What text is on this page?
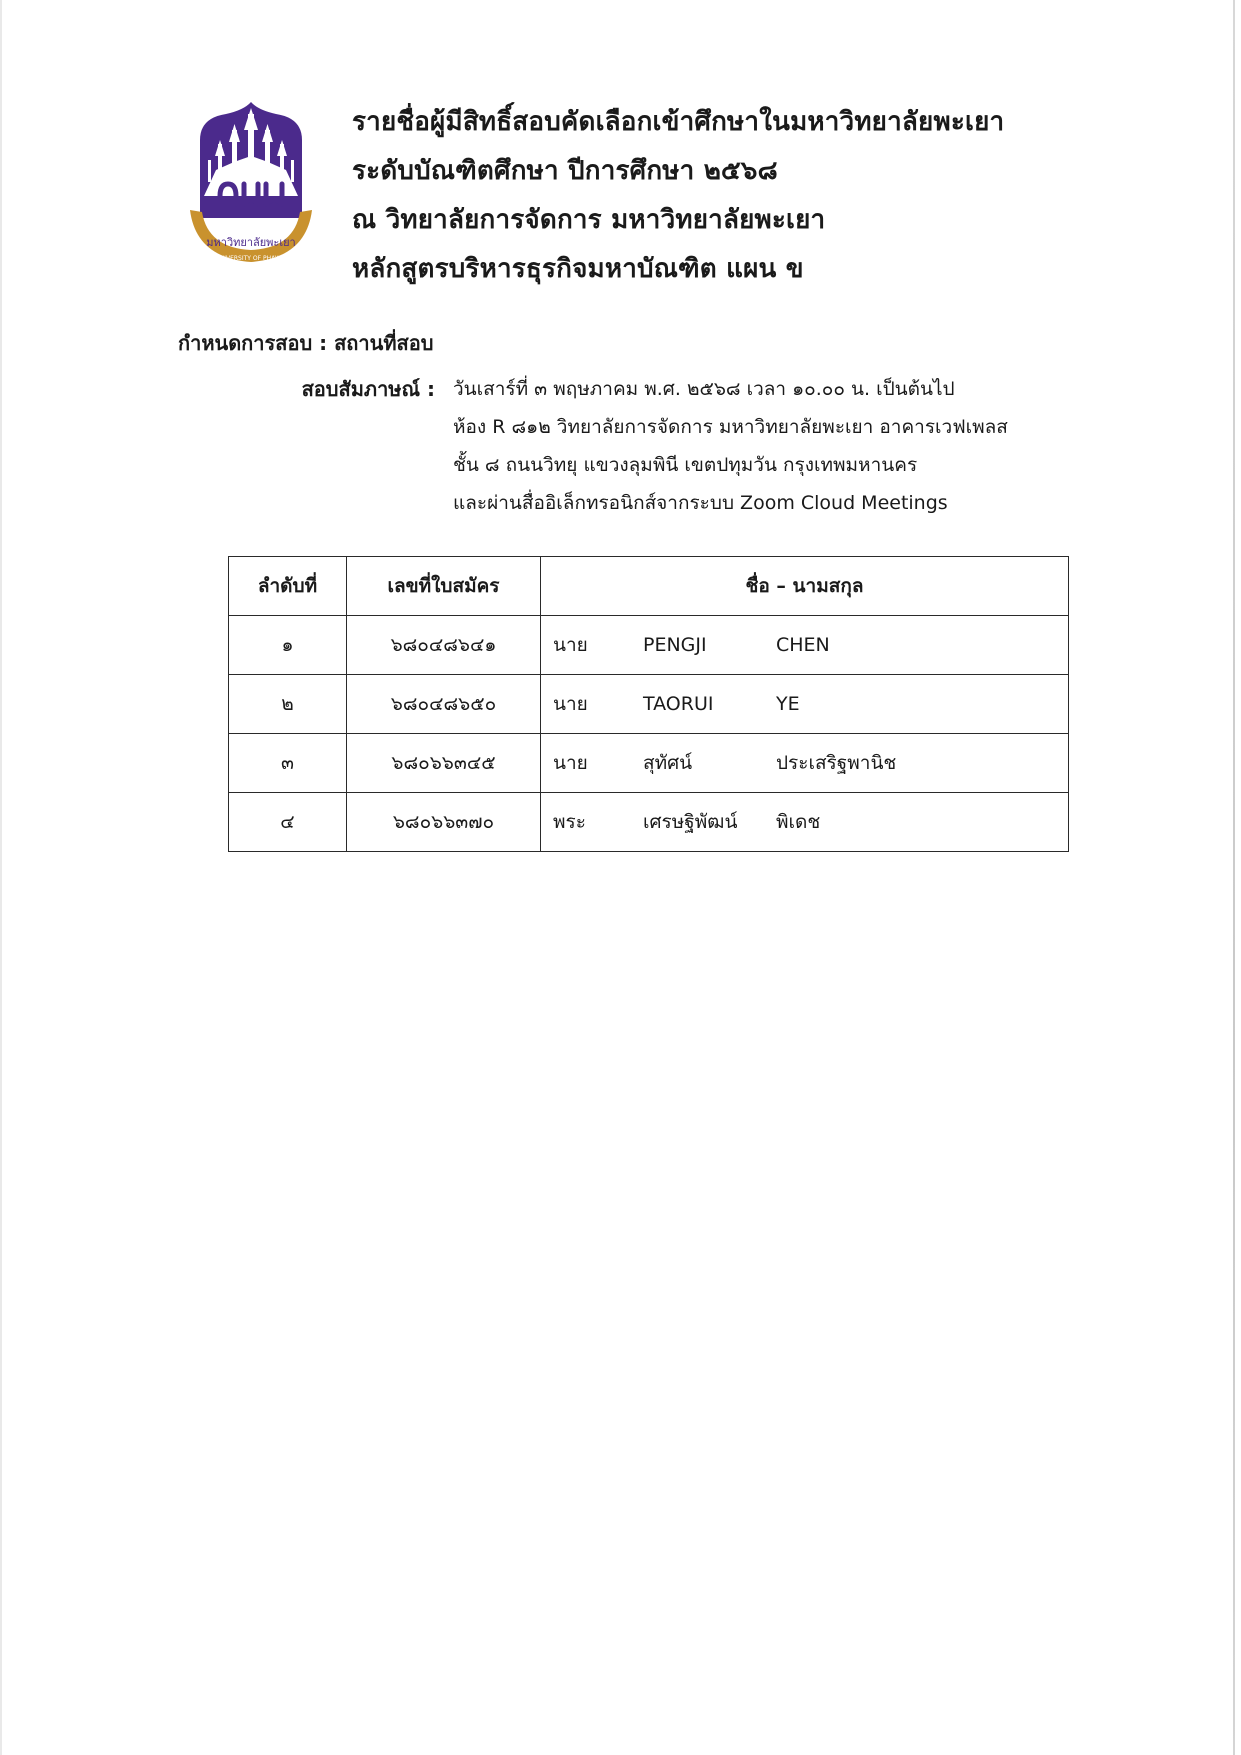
มหาวิทยาลัยพะเยา
UNIVERSITY OF PHAYAO
รายชื่อผู้มีสิทธิ์สอบคัดเลือกเข้าศึกษาในมหาวิทยาลัยพะเยา
ระดับบัณฑิตศึกษา ปีการศึกษา ๒๕๖๘
ณ วิทยาลัยการจัดการ มหาวิทยาลัยพะเยา
หลักสูตรบริหารธุรกิจมหาบัณฑิต แผน ข
กำหนดการสอบ : สถานที่สอบ
สอบสัมภาษณ์ : วันเสาร์ที่ ๓ พฤษภาคม พ.ศ. ๒๕๖๘ เวลา ๑๐.๐๐ น. เป็นต้นไป
ห้อง R ๘๑๒ วิทยาลัยการจัดการ มหาวิทยาลัยพะเยา อาคารเวฟเพลส
ชั้น ๘ ถนนวิทยุ แขวงลุมพินี เขตปทุมวัน กรุงเทพมหานคร
และผ่านสื่ออิเล็กทรอนิกส์จากระบบ Zoom Cloud Meetings
ลำดับที่	เลขที่ใบสมัคร	ชื่อ – นามสกุล
๑	๖๘๐๔๘๖๔๑	นาย PENGJI CHEN

๒	๖๘๐๔๘๖๕๐	นาย TAORUI YE

๓	๖๘๐๖๖๓๔๕	นาย สุทัศน์ ประเสริฐพานิช

๔	๖๘๐๖๖๓๗๐	พระ เศรษฐิพัฒน์ พิเดช
